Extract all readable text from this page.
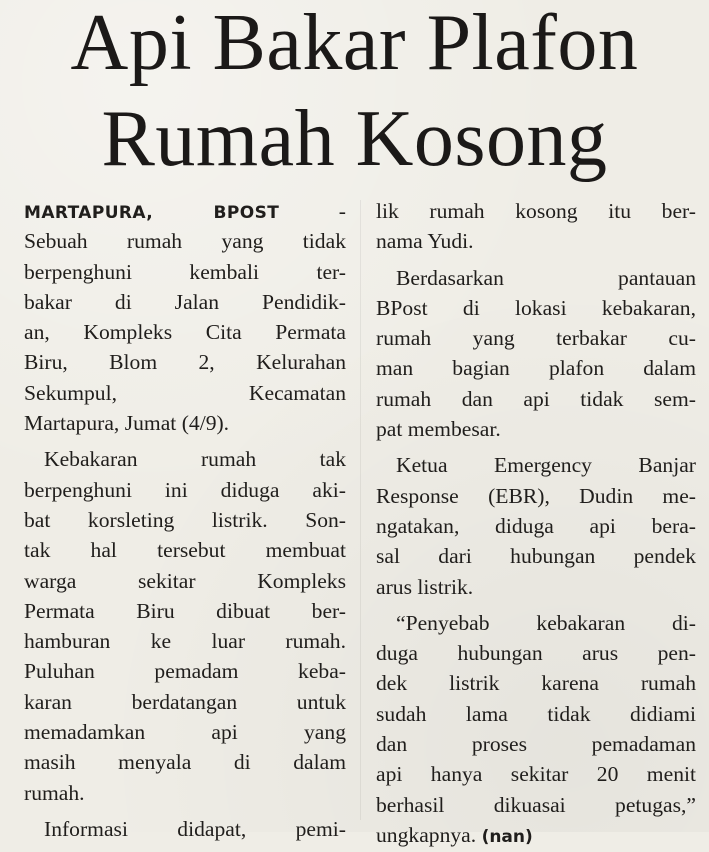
Api Bakar Plafon
Rumah Kosong
MARTAPURA, BPOST -
Sebuah rumah yang tidak
berpenghuni kembali ter-
bakar di Jalan Pendidik-
an, Kompleks Cita Permata
Biru, Blom 2, Kelurahan
Sekumpul, Kecamatan
Martapura, Jumat (4/9).
Kebakaran rumah tak
berpenghuni ini diduga aki-
bat korsleting listrik. Son-
tak hal tersebut membuat
warga sekitar Kompleks
Permata Biru dibuat ber-
hamburan ke luar rumah.
Puluhan pemadam keba-
karan berdatangan untuk
memadamkan api yang
masih menyala di dalam
rumah.
Informasi didapat, pemi-
lik rumah kosong itu ber-
nama Yudi.
Berdasarkan pantauan
BPost di lokasi kebakaran,
rumah yang terbakar cu-
man bagian plafon dalam
rumah dan api tidak sem-
pat membesar.
Ketua Emergency Banjar
Response (EBR), Dudin me-
ngatakan, diduga api bera-
sal dari hubungan pendek
arus listrik.
“Penyebab kebakaran di-
duga hubungan arus pen-
dek listrik karena rumah
sudah lama tidak didiami
dan proses pemadaman
api hanya sekitar 20 menit
berhasil dikuasai petugas,”
ungkapnya. (nan)
